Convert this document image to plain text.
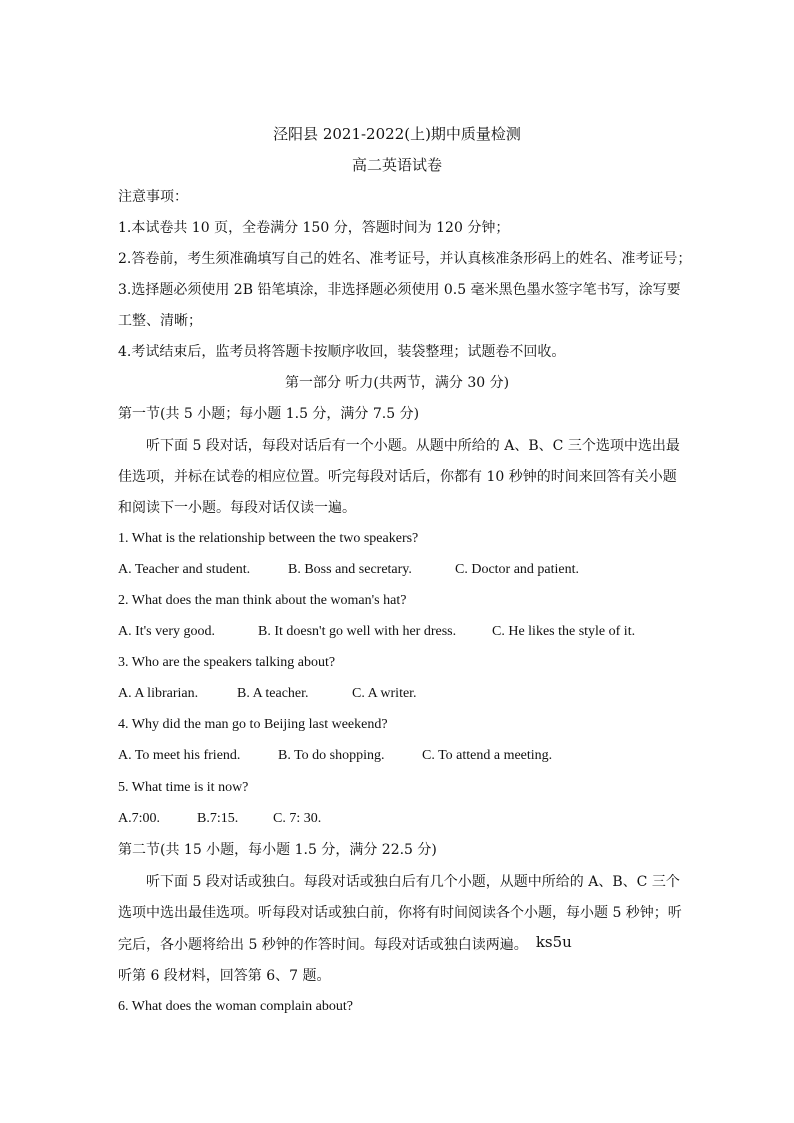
泾阳县 2021-2022(上)期中质量检测
高二英语试卷
注意事项：
1.本试卷共 10 页，全卷满分 150 分，答题时间为 120 分钟；
2.答卷前，考生须准确填写自己的姓名、准考证号，并认真核准条形码上的姓名、准考证号；
3.选择题必须使用 2B 铅笔填涂，非选择题必须使用 0.5 毫米黑色墨水签字笔书写，涂写要
工整、清晰；
4.考试结束后，监考员将答题卡按顺序收回，装袋整理；试题卷不回收。
第一部分 听力(共两节，满分 30 分)
第一节(共 5 小题；每小题 1.5 分，满分 7.5 分)
听下面 5 段对话，每段对话后有一个小题。从题中所给的 A、B、C 三个选项中选出最
佳选项，并标在试卷的相应位置。听完每段对话后，你都有 10 秒钟的时间来回答有关小题
和阅读下一小题。每段对话仅读一遍。
1. What is the relationship between the two speakers?
A. Teacher and student.	B. Boss and secretary.	C. Doctor and patient.
2. What does the man think about the woman's hat?
A. It's very good.	B. It doesn't go well with her dress.	C. He likes the style of it.
3. Who are the speakers talking about?
A. A librarian.	B. A teacher.	C. A writer.
4. Why did the man go to Beijing last weekend?
A. To meet his friend.	B. To do shopping.	C. To attend a meeting.
5. What time is it now?
A.7:00.	B.7:15. C. 7: 30.
第二节(共 15 小题，每小题 1.5 分，满分 22.5 分)
听下面 5 段对话或独白。每段对话或独白后有几个小题，从题中所给的 A、B、C 三个
选项中选出最佳选项。听每段对话或独白前，你将有时间阅读各个小题，每小题 5 秒钟；听
完后，各小题将给出 5 秒钟的作答时间。每段对话或独白读两遍。 ks5u
听第 6 段材料，回答第 6、7 题。
6. What does the woman complain about?
